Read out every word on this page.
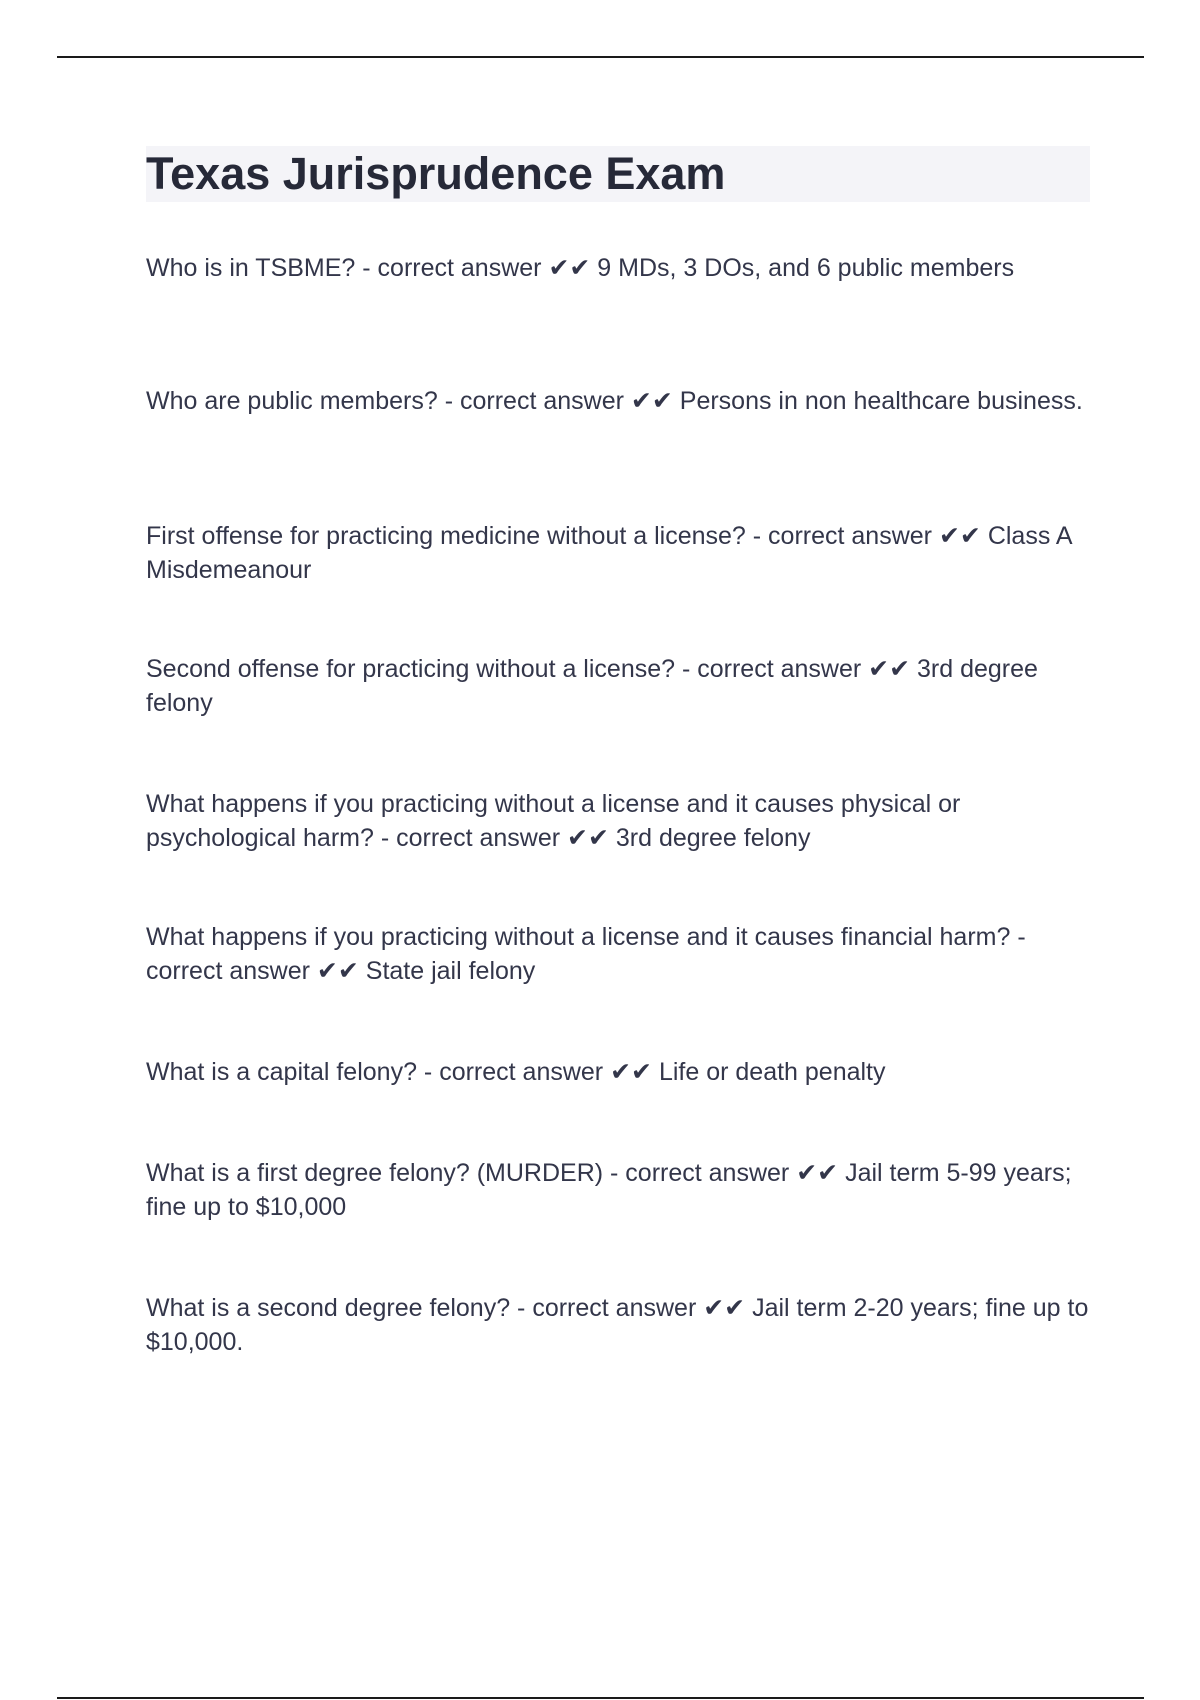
Texas Jurisprudence Exam

Who is in TSBME? - correct answer ✔✔ 9 MDs, 3 DOs, and 6 public members

Who are public members? - correct answer ✔✔ Persons in non healthcare business.

First offense for practicing medicine without a license? - correct answer ✔✔ Class A Misdemeanour

Second offense for practicing without a license? - correct answer ✔✔ 3rd degree felony

What happens if you practicing without a license and it causes physical or psychological harm? - correct answer ✔✔ 3rd degree felony

What happens if you practicing without a license and it causes financial harm? - correct answer ✔✔ State jail felony

What is a capital felony? - correct answer ✔✔ Life or death penalty

What is a first degree felony? (MURDER) - correct answer ✔✔ Jail term 5-99 years; fine up to $10,000

What is a second degree felony? - correct answer ✔✔ Jail term 2-20 years; fine up to $10,000.
